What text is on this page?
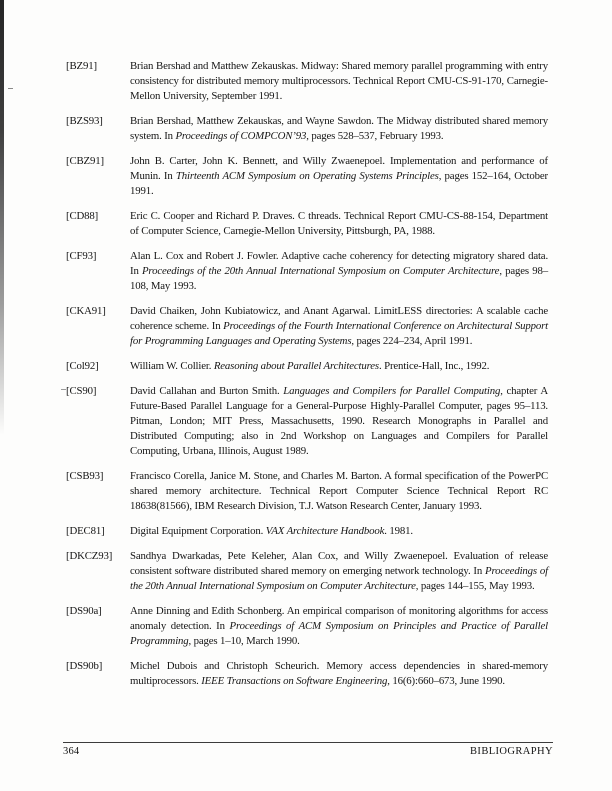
[BZ91]	Brian Bershad and Matthew Zekauskas. Midway: Shared memory parallel programming with entry consistency for distributed memory multiprocessors. Technical Report CMU-CS-91-170, Carnegie-Mellon University, September 1991.
[BZS93]	Brian Bershad, Matthew Zekauskas, and Wayne Sawdon. The Midway distributed shared memory system. In Proceedings of COMPCON’93, pages 528–537, February 1993.
[CBZ91]	John B. Carter, John K. Bennett, and Willy Zwaenepoel. Implementation and performance of Munin. In Thirteenth ACM Symposium on Operating Systems Principles, pages 152–164, October 1991.
[CD88]	Eric C. Cooper and Richard P. Draves. C threads. Technical Report CMU-CS-88-154, Department of Computer Science, Carnegie-Mellon University, Pittsburgh, PA, 1988.
[CF93]	Alan L. Cox and Robert J. Fowler. Adaptive cache coherency for detecting migratory shared data. In Proceedings of the 20th Annual International Symposium on Computer Architecture, pages 98–108, May 1993.
[CKA91]	David Chaiken, John Kubiatowicz, and Anant Agarwal. LimitLESS directories: A scalable cache coherence scheme. In Proceedings of the Fourth International Conference on Architectural Support for Programming Languages and Operating Systems, pages 224–234, April 1991.
[Col92]	William W. Collier. Reasoning about Parallel Architectures. Prentice-Hall, Inc., 1992.
[CS90]	David Callahan and Burton Smith. Languages and Compilers for Parallel Computing, chapter A Future-Based Parallel Language for a General-Purpose Highly-Parallel Computer, pages 95–113. Pitman, London; MIT Press, Massachusetts, 1990. Research Monographs in Parallel and Distributed Computing; also in 2nd Workshop on Languages and Compilers for Parallel Computing, Urbana, Illinois, August 1989.
[CSB93]	Francisco Corella, Janice M. Stone, and Charles M. Barton. A formal specification of the PowerPC shared memory architecture. Technical Report Computer Science Technical Report RC 18638(81566), IBM Research Division, T.J. Watson Research Center, January 1993.
[DEC81]	Digital Equipment Corporation. VAX Architecture Handbook. 1981.
[DKCZ93]	Sandhya Dwarkadas, Pete Keleher, Alan Cox, and Willy Zwaenepoel. Evaluation of release consistent software distributed shared memory on emerging network technology. In Proceedings of the 20th Annual International Symposium on Computer Architecture, pages 144–155, May 1993.
[DS90a]	Anne Dinning and Edith Schonberg. An empirical comparison of monitoring algorithms for access anomaly detection. In Proceedings of ACM Symposium on Principles and Practice of Parallel Programming, pages 1–10, March 1990.
[DS90b]	Michel Dubois and Christoph Scheurich. Memory access dependencies in shared-memory multiprocessors. IEEE Transactions on Software Engineering, 16(6):660–673, June 1990.
364	BIBLIOGRAPHY
